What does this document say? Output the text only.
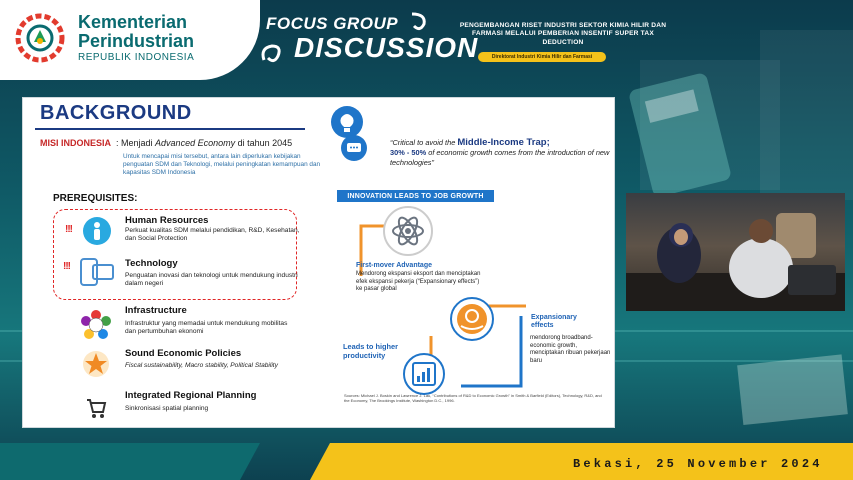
Kementerian Perindustrian
REPUBLIK INDONESIA
FOCUS GROUP
DISCUSSION
PENGEMBANGAN RISET INDUSTRI SEKTOR KIMIA HILIR DAN FARMASI MELALUI PEMBERIAN INSENTIF SUPER TAX DEDUCTION
Direktorat Industri Kimia Hilir dan Farmasi
BACKGROUND
MISI INDONESIA : Menjadi Advanced Economy di tahun 2045
Untuk mencapai misi tersebut, antara lain diperlukan kebijakan penguatan SDM dan Teknologi, melalui peningkatan kemampuan dan kapasitas SDM Indonesia
PREREQUISITES:
!!!
Human Resources
Perkuat kualitas SDM melalui pendidikan, R&D, Kesehatan, dan Social Protection
!!!	Technology
Penguatan inovasi dan teknologi untuk mendukung industri dalam negeri
Infrastructure
Infrastruktur yang memadai untuk mendukung mobilitas dan pertumbuhan ekonomi
Sound Economic Policies
Fiscal sustainability, Macro stability, Political Stability
Integrated Regional Planning
Sinkronisasi spatial planning
“Critical to avoid the Middle-Income Trap;
30% - 50% of economic growth comes from the introduction of new technologies”
INNOVATION LEADS TO JOB GROWTH
First-mover Advantage
Mendorong ekspansi eksport dan menciptakan efek ekspansi pekerja (“Expansionary effects”) ke pasar global
Expansionary effects
mendorong broadband-economic growth, menciptakan ribuan pekerjaan baru
Leads to higher productivity
Sources: Michael J. Boskin and Lawrence J. Lau, “Contributions of R&D to Economic Growth” in Smith & Barfield (Editors), Technology, R&D, and the Economy, The Brookings Institute, Washington D.C., 1996.
Bekasi, 25 November 2024
